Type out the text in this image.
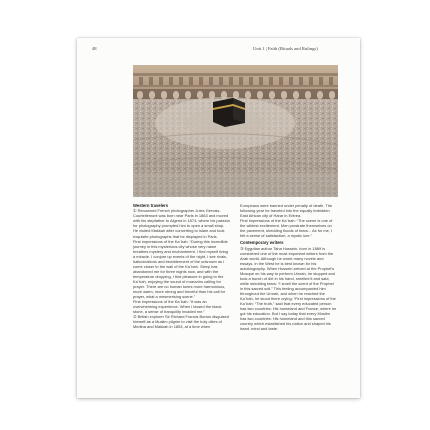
48	Unit 1 | Faith (Rituals and Rulings)
Western travelers

① Renowned French photographer Jules Gervais-Courtellemont was born near Paris in 1863 and moved with his stepfather to Algeria in 1874, where his passion for photography prompted him to open a small shop. He visited Makkah after converting to Islam and took exquisite photographs that he displayed in Paris.

First impressions of the Kaʿbah: “During this incredible journey in this mysterious city whose very name breathes mystery and enchantment, I find myself living a miracle. I conjure up events of the night, I see rivals, hallucinations and bewilderment of the unknown as I come closer to the wall of the Kaʿbah. Sleep has abandoned me for three nights now, and with the temperature dropping, I find pleasure in going to the Kaʿbah, enjoying the sound of muezzins calling for prayer. There are no human tunes more harmonious, more warm, more strong and forceful than his call for prayer, what a mesmerising scene.”

First impressions of the Kaʿbah: “It was an overwhelming experience. When I kissed the black stone, a sense of tranquility invaded me.”

② British explorer Sir Richard Francis Burton disguised himself as a Muslim pilgrim to visit the holy cities of Medina and Makkah in 1853, at a time when

Europeans were banned under penalty of death. The following year he traveled into the equally forbidden East African city of Harar in Eritrea.

First impressions of the Kaʿbah: “The scene is one of the wildest excitement. Men prostrate themselves on the pavement, shedding floods of tears... As for me, I felt a sense of satisfaction, a mystic lure.”

Contemporary writers

③ Egyptian author Taha Hussein, born in 1889 is considered one of the most important writers from the Arab world. Although he wrote many novels and essays, in the West he is best known for his autobiography. When Hussein arrived at the Prophet's Mosque on his way to perform Umrah, he stopped and took a bunch of dirt in his hand, smelled it and said, while shedding tears: “I smell the scent of the Prophet in this sacred soil.” This feeling accompanied him throughout the Umrah, and when he reached the Kaʿbah, he stood there crying: “First impressions of the Kaʿbah: “The truth,” said that every educated person has two countries: His homeland and France, where he got his education. But I say today that every Muslim has two countries: His homeland and this sacred country which established his nation and shaped his heart, mind and taste.
